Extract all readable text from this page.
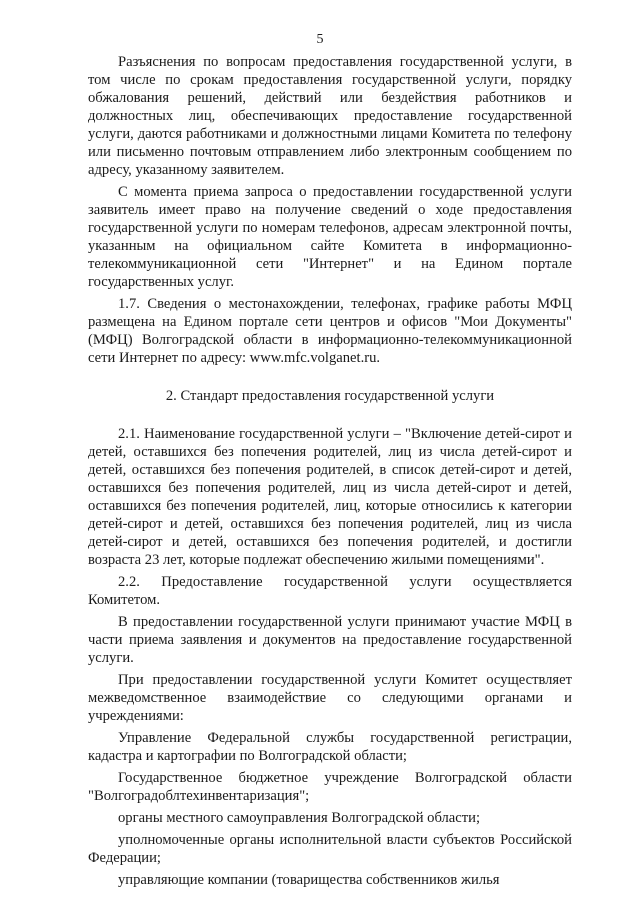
5

Разъяснения по вопросам предоставления государственной услуги, в том числе по срокам предоставления государственной услуги, порядку обжалования решений, действий или бездействия работников и должностных лиц, обеспечивающих предоставление государственной услуги, даются работниками и должностными лицами Комитета по телефону или письменно почтовым отправлением либо электронным сообщением по адресу, указанному заявителем.

С момента приема запроса о предоставлении государственной услуги заявитель имеет право на получение сведений о ходе предоставления государственной услуги по номерам телефонов, адресам электронной почты, указанным на официальном сайте Комитета в информационно-телекоммуникационной сети "Интернет" и на Едином портале государственных услуг.

1.7. Сведения о местонахождении, телефонах, графике работы МФЦ размещена на Едином портале сети центров и офисов "Мои Документы" (МФЦ) Волгоградской области в информационно-телекоммуникационной сети Интернет по адресу: www.mfc.volganet.ru.

2. Стандарт предоставления государственной услуги

2.1. Наименование государственной услуги – "Включение детей-сирот и детей, оставшихся без попечения родителей, лиц из числа детей-сирот и детей, оставшихся без попечения родителей, в список детей-сирот и детей, оставшихся без попечения родителей, лиц из числа детей-сирот и детей, оставшихся без попечения родителей, лиц, которые относились к категории детей-сирот и детей, оставшихся без попечения родителей, лиц из числа детей-сирот и детей, оставшихся без попечения родителей, и достигли возраста 23 лет, которые подлежат обеспечению жилыми помещениями".

2.2. Предоставление государственной услуги осуществляется Комитетом.

В предоставлении государственной услуги принимают участие МФЦ в части приема заявления и документов на предоставление государственной услуги.

При предоставлении государственной услуги Комитет осуществляет межведомственное взаимодействие со следующими органами и учреждениями:

Управление Федеральной службы государственной регистрации, кадастра и картографии по Волгоградской области;

Государственное бюджетное учреждение Волгоградской области "Волгоградоблтехинвентаризация";

органы местного самоуправления Волгоградской области;

уполномоченные органы исполнительной власти субъектов Российской Федерации;

управляющие компании (товарищества собственников жилья
